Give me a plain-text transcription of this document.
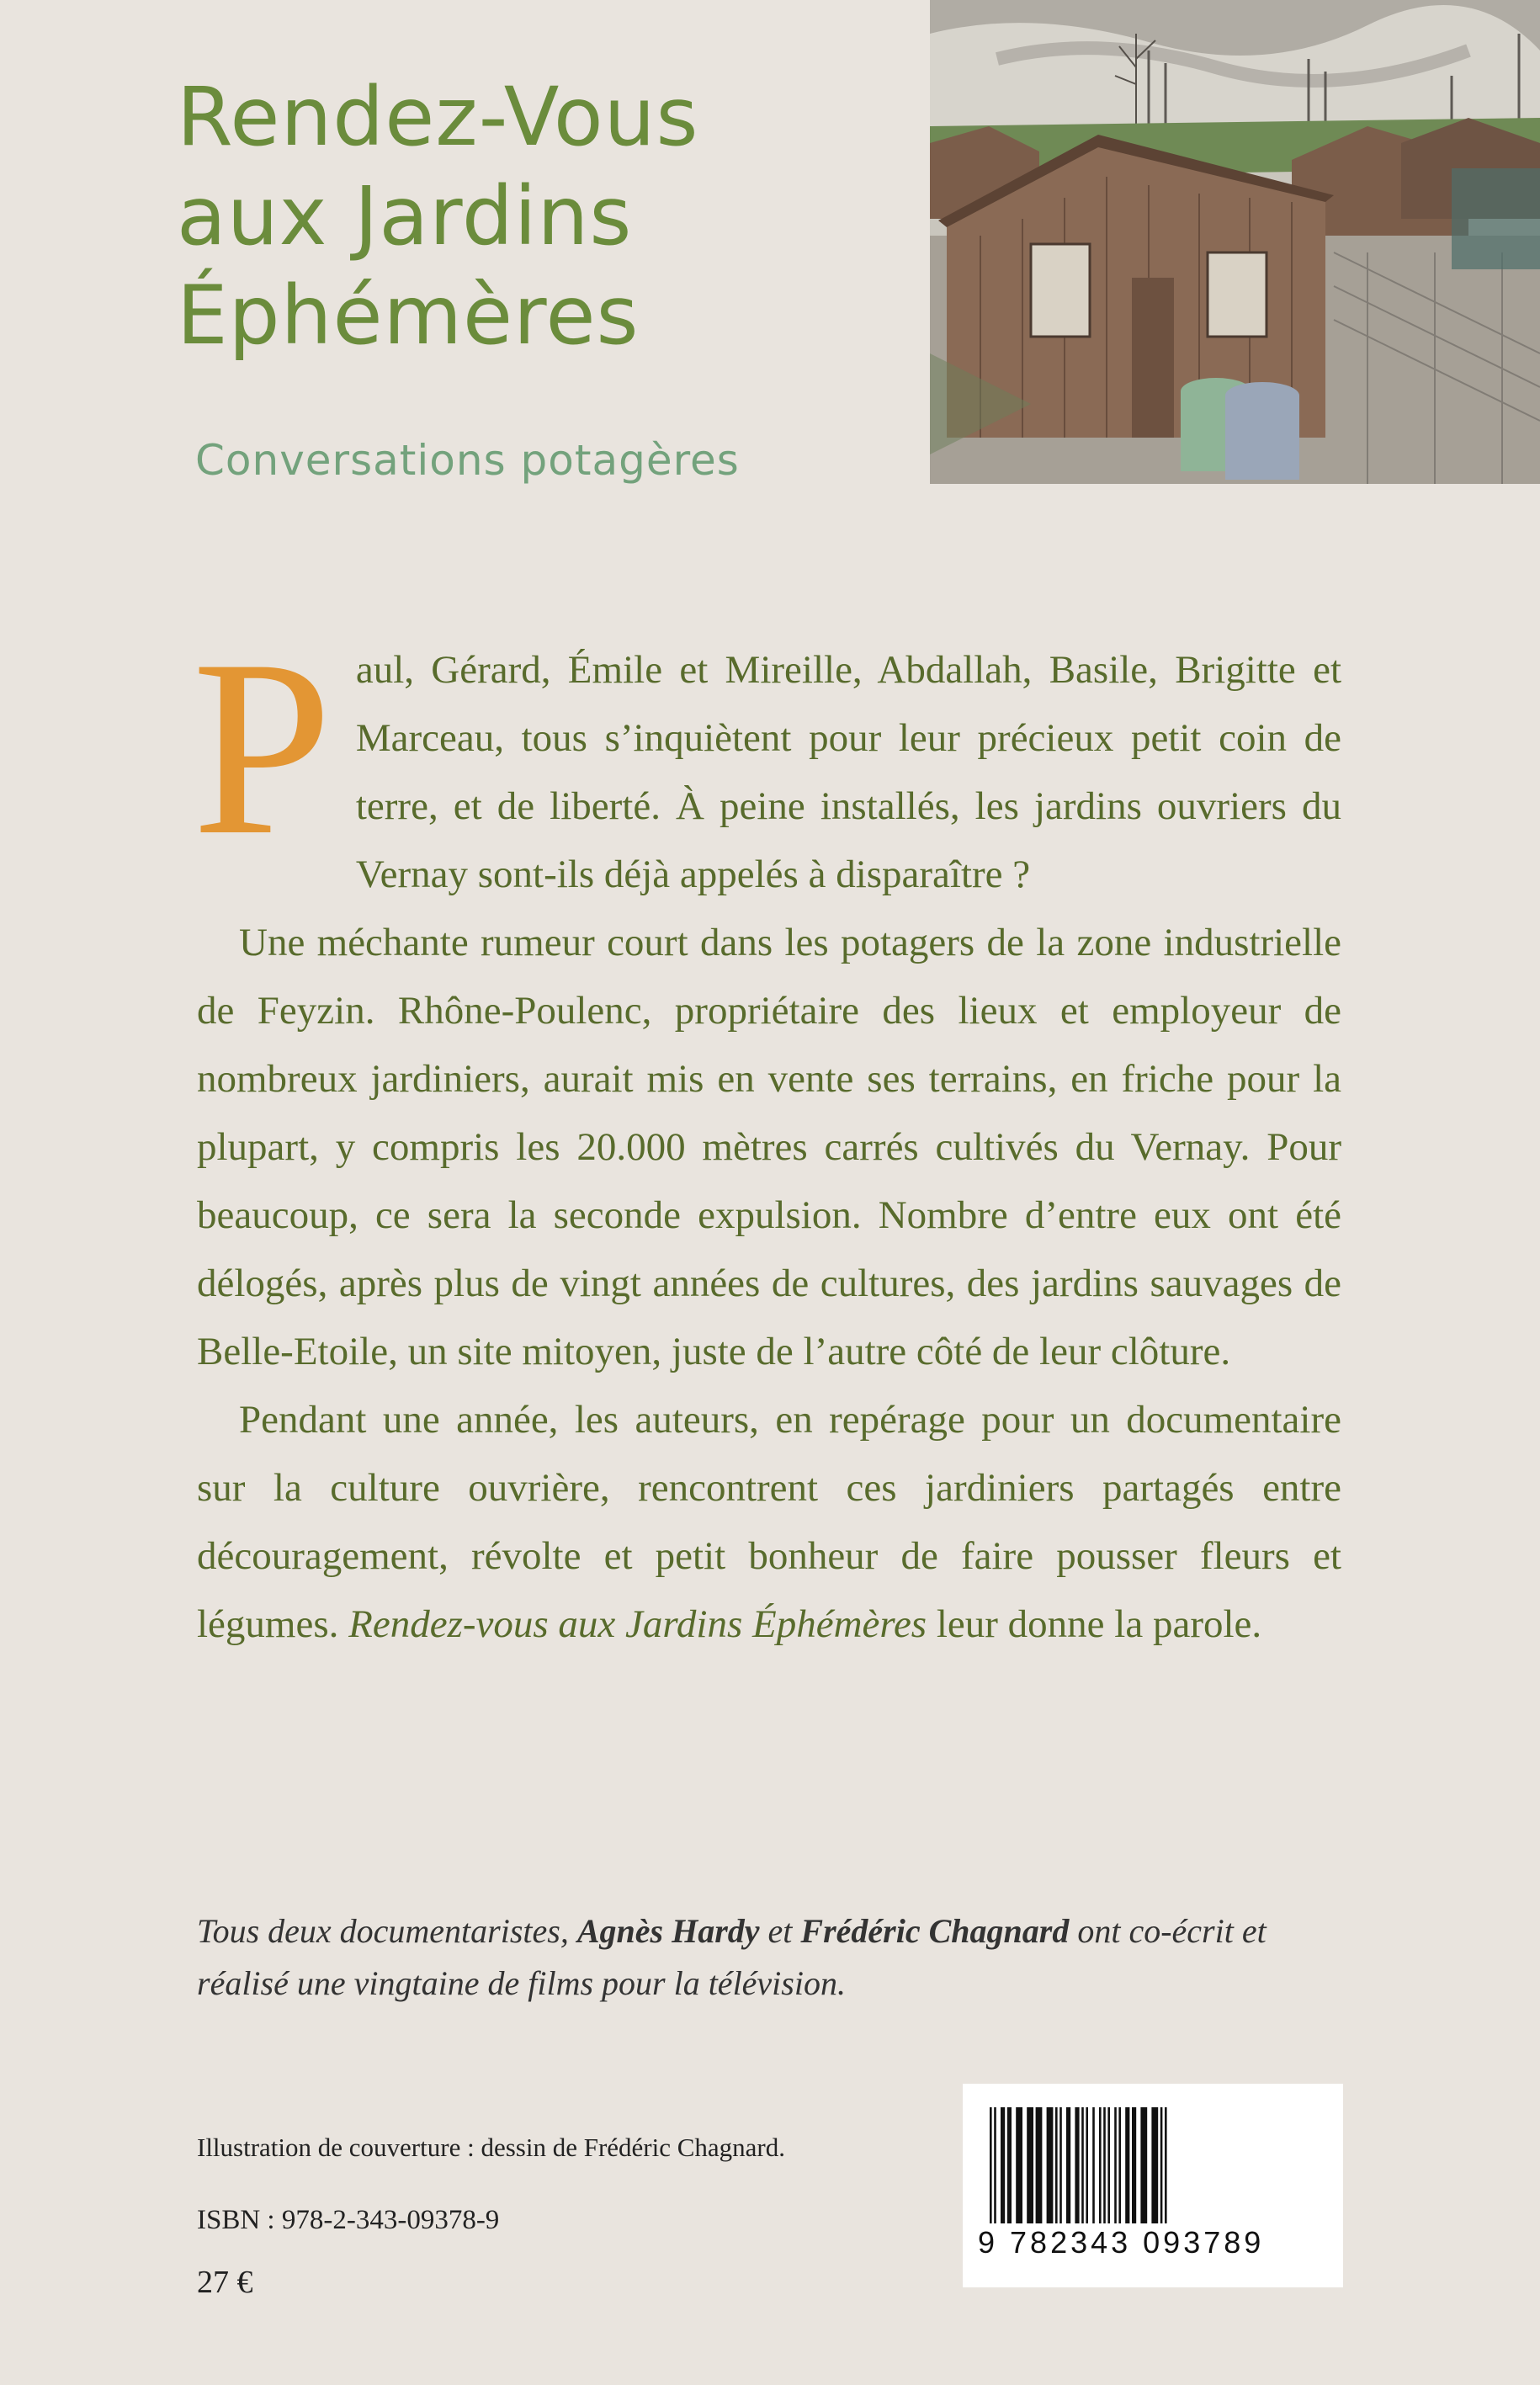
Rendez-Vous
aux Jardins
Éphémères
Conversations potagères

Paul, Gérard, Émile et Mireille, Abdallah, Basile, Brigitte et Marceau, tous s’inquiètent pour leur précieux petit coin de terre, et de liberté. À peine installés, les jardins ouvriers du Vernay sont-ils déjà appelés à disparaître ?

Une méchante rumeur court dans les potagers de la zone industrielle de Feyzin. Rhône-Poulenc, propriétaire des lieux et employeur de nombreux jardiniers, aurait mis en vente ses terrains, en friche pour la plupart, y compris les 20.000 mètres carrés cultivés du Vernay. Pour beaucoup, ce sera la seconde expulsion. Nombre d’entre eux ont été délogés, après plus de vingt années de cultures, des jardins sauvages de Belle-Etoile, un site mitoyen, juste de l’autre côté de leur clôture.

Pendant une année, les auteurs, en repérage pour un documentaire sur la culture ouvrière, rencontrent ces jardiniers partagés entre découragement, révolte et petit bonheur de faire pousser fleurs et légumes. Rendez-vous aux Jardins Éphémères leur donne la parole.

Tous deux documentaristes, Agnès Hardy et Frédéric Chagnard ont co-écrit et réalisé une vingtaine de films pour la télévision.
Illustration de couverture : dessin de Frédéric Chagnard.
ISBN : 978-2-343-09378-9
27 €
9 782343 093789
